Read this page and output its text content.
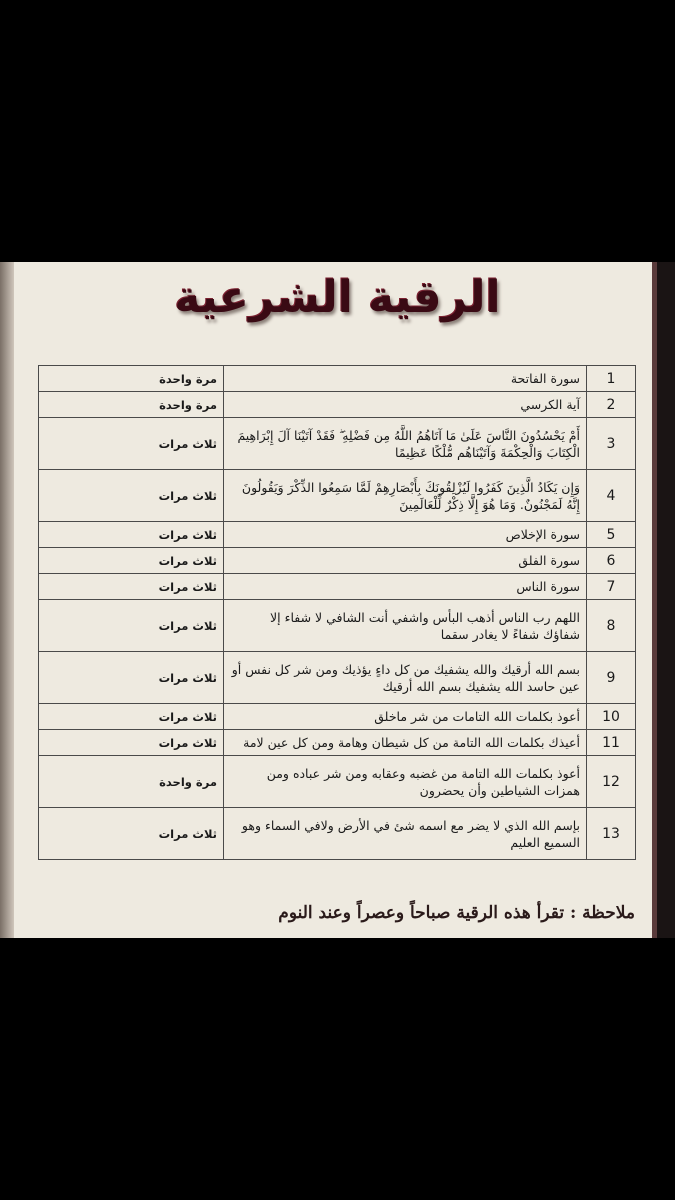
الرقية الشرعية
1	سورة الفاتحة	مرة واحدة
2	آية الكرسي	مرة واحدة
3	أَمْ يَحْسُدُونَ النَّاسَ عَلَىٰ مَا آتَاهُمُ اللَّهُ مِن فَضْلِهِ ۖ فَقَدْ آتَيْنَا آلَ إِبْرَاهِيمَ الْكِتَابَ وَالْحِكْمَةَ وَآتَيْنَاهُم مُّلْكًا عَظِيمًا	ثلاث مرات
4	وَإِن يَكَادُ الَّذِينَ كَفَرُوا لَيُزْلِقُونَكَ بِأَبْصَارِهِمْ لَمَّا سَمِعُوا الذِّكْرَ وَيَقُولُونَ إِنَّهُ لَمَجْنُونٌ. وَمَا هُوَ إِلَّا ذِكْرٌ لِّلْعَالَمِينَ	ثلاث مرات
5	سورة الإخلاص	ثلاث مرات
6	سورة الفلق	ثلاث مرات
7	سورة الناس	ثلاث مرات
8	اللهم رب الناس أذهب البأس واشفي أنت الشافي لا شفاء إلا شفاؤك شفاءً لا يغادر سقما	ثلاث مرات
9	بسم الله أرقيك والله يشفيك من كل داءٍ يؤذيك ومن شر كل نفس أو عين حاسد الله يشفيك بسم الله أرقيك	ثلاث مرات
10	أعوذ بكلمات الله التامات من شر ماخلق	ثلاث مرات
11	أعيذك بكلمات الله التامة من كل شيطان وهامة ومن كل عين لامة	ثلاث مرات
12	أعوذ بكلمات الله التامة من غضبه وعقابه ومن شر عباده ومن همزات الشياطين وأن يحضرون	مرة واحدة
13	بإسم الله الذي لا يضر مع اسمه شئ في الأرض ولافي السماء وهو السميع العليم	ثلاث مرات
ملاحظة : تقرأ هذه الرقية صباحاً وعصراً وعند النوم
